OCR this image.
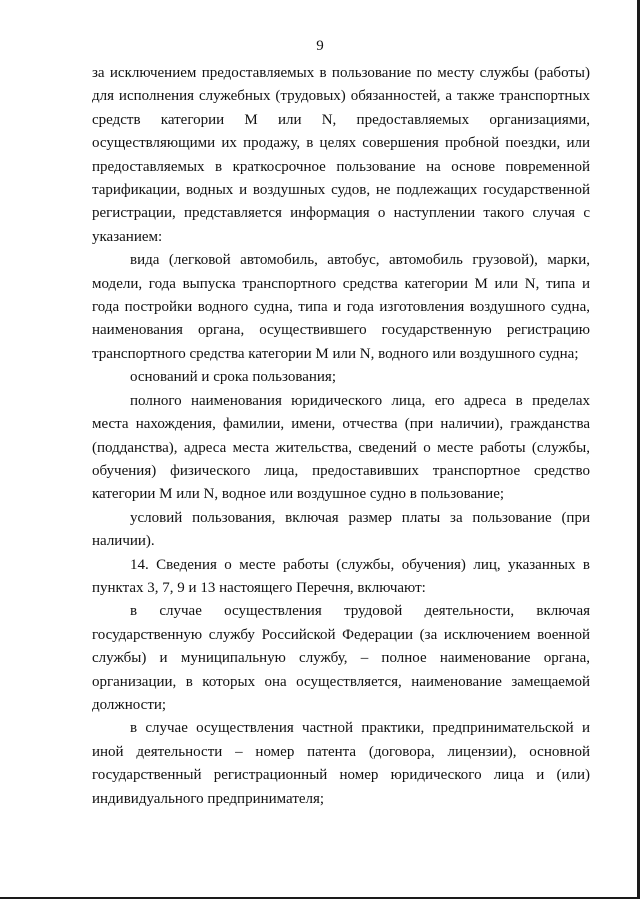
9

за исключением предоставляемых в пользование по месту службы (работы) для исполнения служебных (трудовых) обязанностей, а также транспортных средств категории M или N, предоставляемых организациями, осуществляющими их продажу, в целях совершения пробной поездки, или предоставляемых в краткосрочное пользование на основе повременной тарификации, водных и воздушных судов, не подлежащих государственной регистрации, представляется информация о наступлении такого случая с указанием:

вида (легковой автомобиль, автобус, автомобиль грузовой), марки, модели, года выпуска транспортного средства категории M или N, типа и года постройки водного судна, типа и года изготовления воздушного судна, наименования органа, осуществившего государственную регистрацию транспортного средства категории M или N, водного или воздушного судна;

оснований и срока пользования;

полного наименования юридического лица, его адреса в пределах места нахождения, фамилии, имени, отчества (при наличии), гражданства (подданства), адреса места жительства, сведений о месте работы (службы, обучения) физического лица, предоставивших транспортное средство категории M или N, водное или воздушное судно в пользование;

условий пользования, включая размер платы за пользование (при наличии).

14. Сведения о месте работы (службы, обучения) лиц, указанных в пунктах 3, 7, 9 и 13 настоящего Перечня, включают:

в случае осуществления трудовой деятельности, включая государственную службу Российской Федерации (за исключением военной службы) и муниципальную службу, – полное наименование органа, организации, в которых она осуществляется, наименование замещаемой должности;

в случае осуществления частной практики, предпринимательской и иной деятельности – номер патента (договора, лицензии), основной государственный регистрационный номер юридического лица и (или) индивидуального предпринимателя;
